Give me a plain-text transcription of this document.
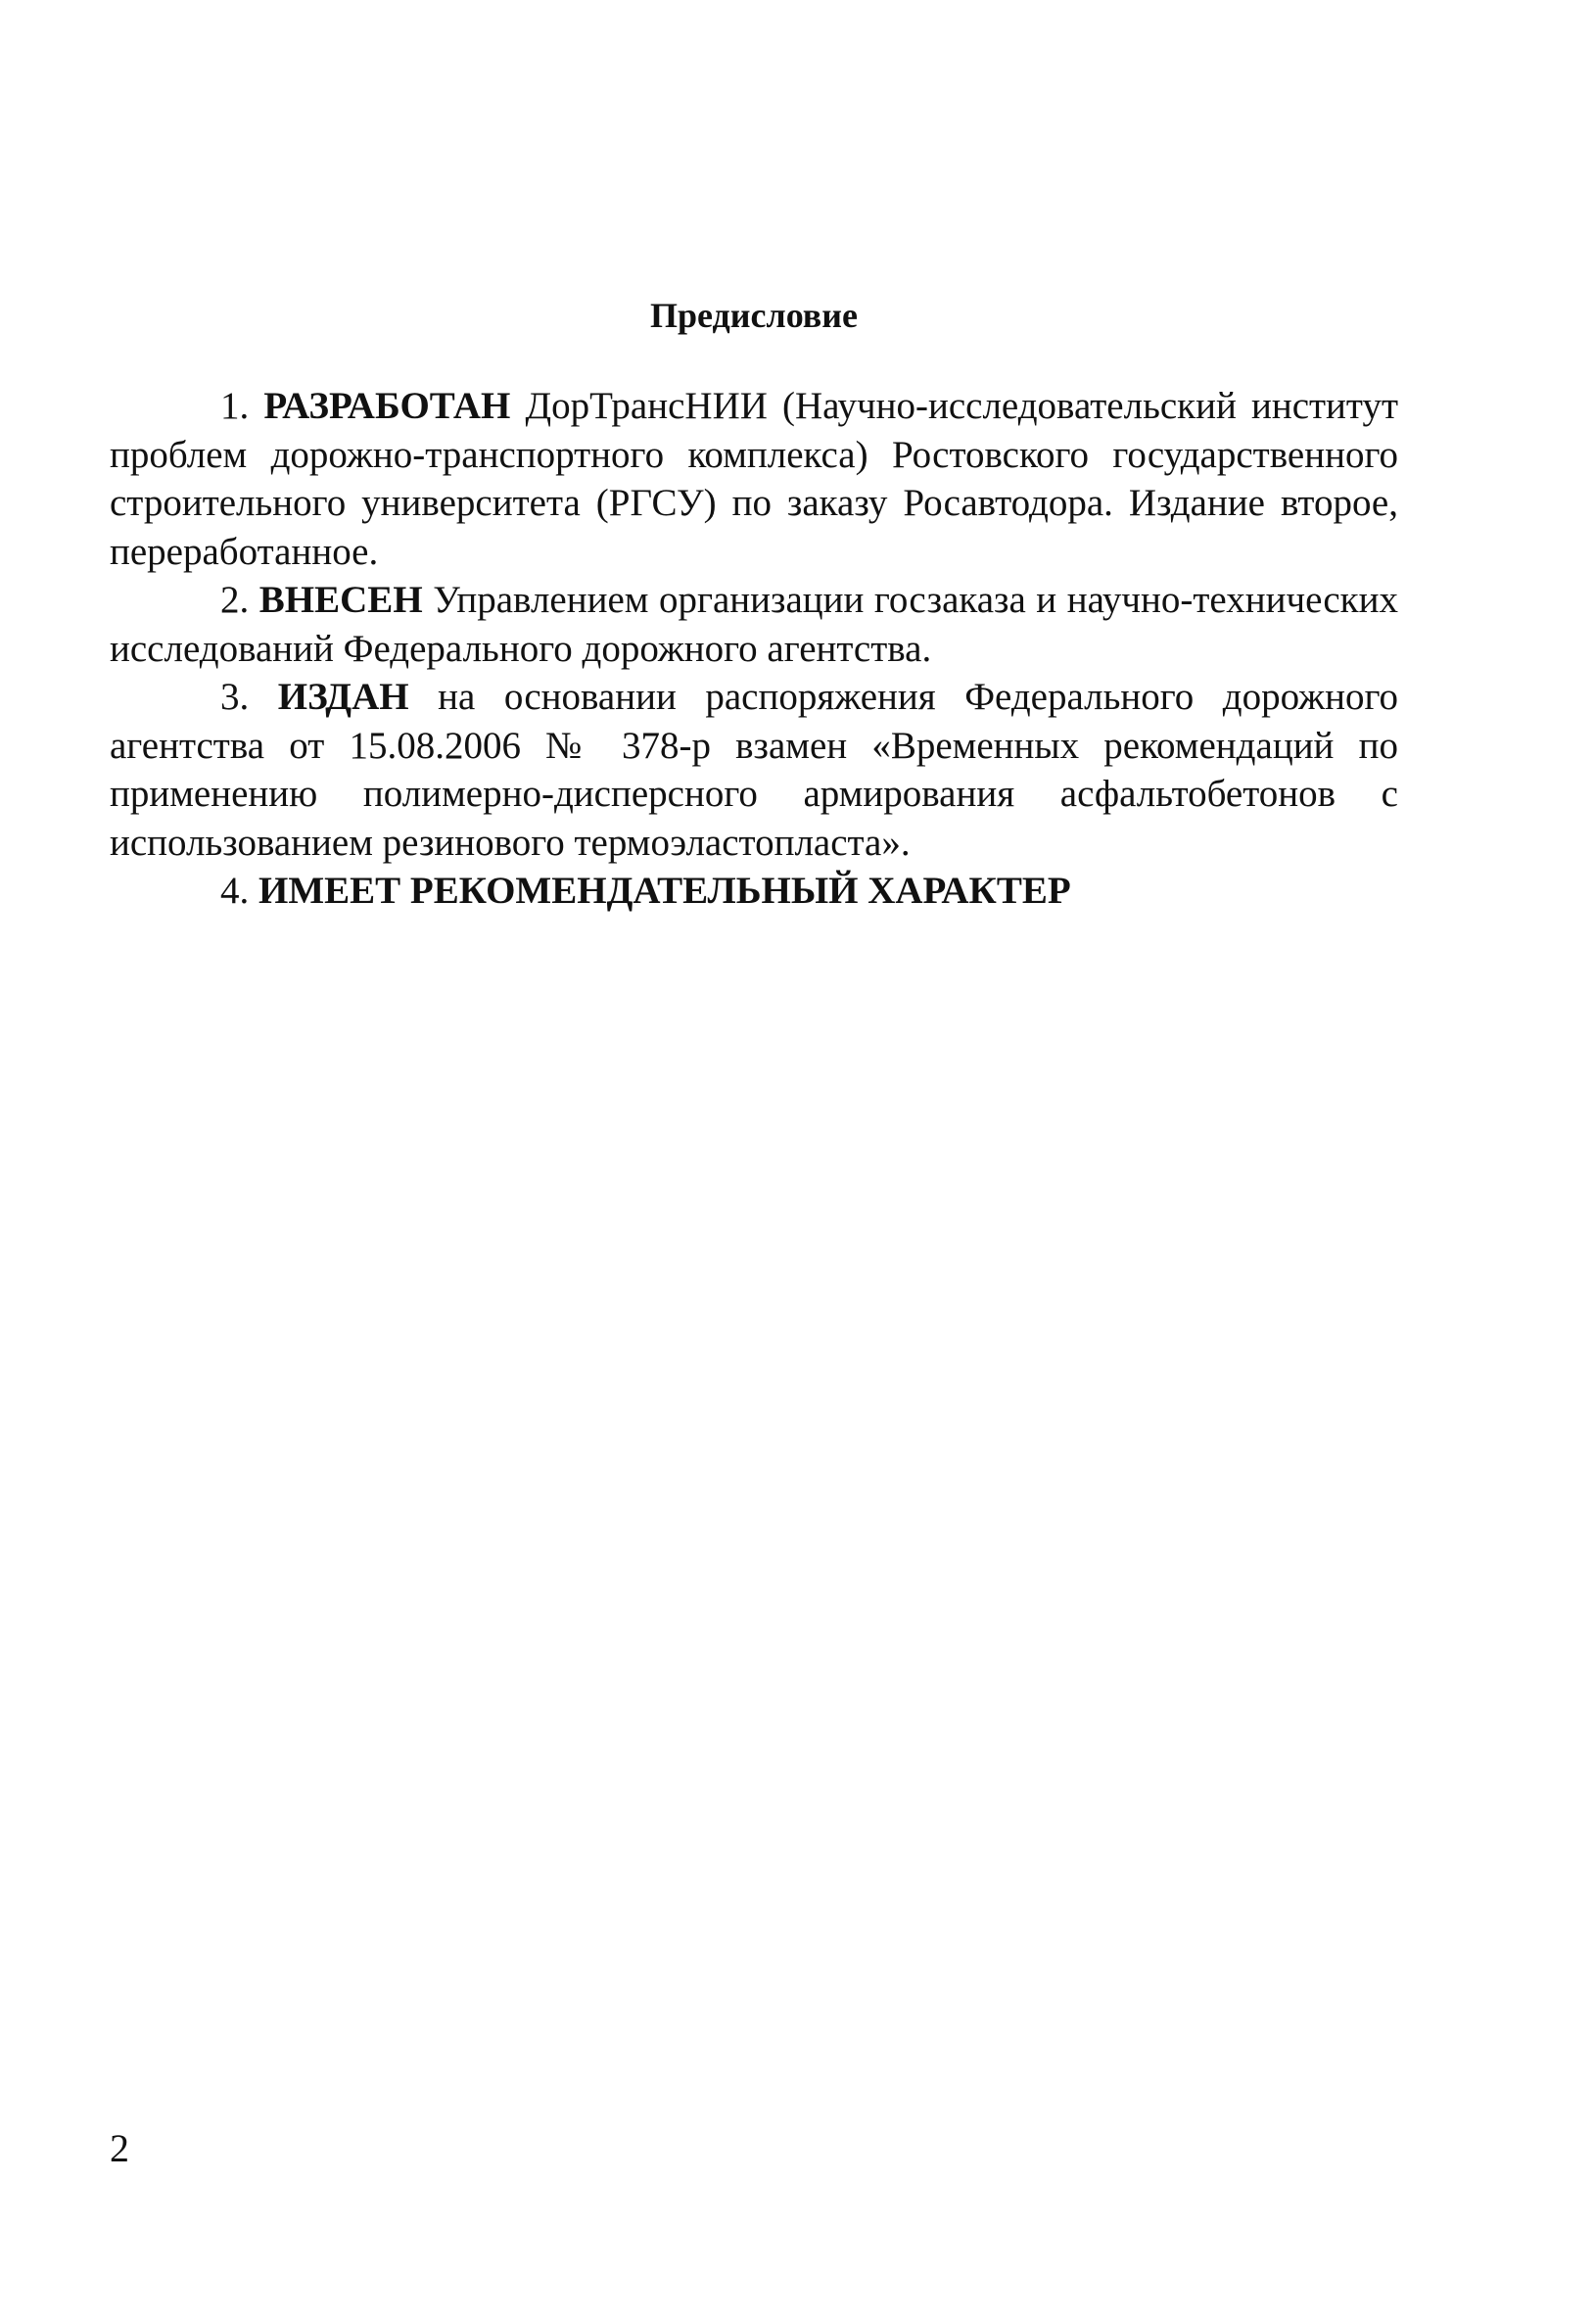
Предисловие

1. РАЗРАБОТАН ДорТрансНИИ (Научно-исследовательский институт проблем дорожно-транспортного комплекса) Ростовского государственного строительного университета (РГСУ) по заказу Росавтодора. Издание второе, переработанное.

2. ВНЕСЕН Управлением организации госзаказа и научно-технических исследований Федерального дорожного агентства.

3. ИЗДАН на основании распоряжения Федерального дорожного агентства от 15.08.2006 № 378-р взамен «Временных рекомендаций по применению полимерно-дисперсного армирования асфальтобетонов с использованием резинового термоэластопласта».

4. ИМЕЕТ РЕКОМЕНДАТЕЛЬНЫЙ ХАРАКТЕР

2
